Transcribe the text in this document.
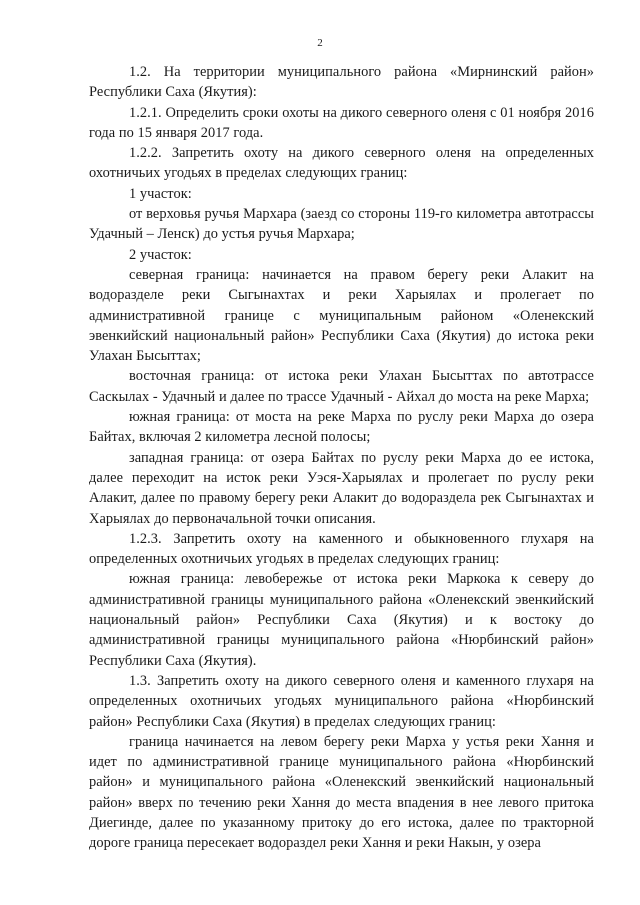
2

1.2. На территории муниципального района «Мирнинский район» Республики Саха (Якутия):

1.2.1. Определить сроки охоты на дикого северного оленя с 01 ноября 2016 года по 15 января 2017 года.

1.2.2. Запретить охоту на дикого северного оленя на определенных охотничьих угодьях в пределах следующих границ:

1 участок:

от верховья ручья Мархара (заезд со стороны 119-го километра автотрассы Удачный – Ленск) до устья ручья Мархара;

2 участок:

северная граница: начинается на правом берегу реки Алакит на водоразделе реки Сыгынахтах и реки Харыялах и пролегает по административной границе с муниципальным районом «Оленекский эвенкийский национальный район» Республики Саха (Якутия) до истока реки Улахан Бысыттах;

восточная граница: от истока реки Улахан Бысыттах по автотрассе Саскылах - Удачный и далее по трассе Удачный - Айхал до моста на реке Марха;

южная граница: от моста на реке Марха по руслу реки Марха до озера Байтах, включая 2 километра лесной полосы;

западная граница: от озера Байтах по руслу реки Марха до ее истока, далее переходит на исток реки Уэся-Харыялах и пролегает по руслу реки Алакит, далее по правому берегу реки Алакит до водораздела рек Сыгынахтах и Харыялах до первоначальной точки описания.

1.2.3. Запретить охоту на каменного и обыкновенного глухаря на определенных охотничьих угодьях в пределах следующих границ:

южная граница: левобережье от истока реки Маркока к северу до административной границы муниципального района «Оленекский эвенкийский национальный район» Республики Саха (Якутия) и к востоку до административной границы муниципального района «Нюрбинский район» Республики Саха (Якутия).

1.3. Запретить охоту на дикого северного оленя и каменного глухаря на определенных охотничьих угодьях муниципального района «Нюрбинский район» Республики Саха (Якутия) в пределах следующих границ:

граница начинается на левом берегу реки Марха у устья реки Хання и идет по административной границе муниципального района «Нюрбинский район» и муниципального района «Оленекский эвенкийский национальный район» вверх по течению реки Хання до места впадения в нее левого притока Диегинде, далее по указанному притоку до его истока, далее по тракторной дороге граница пересекает водораздел реки Хання и реки Накын, у озера
